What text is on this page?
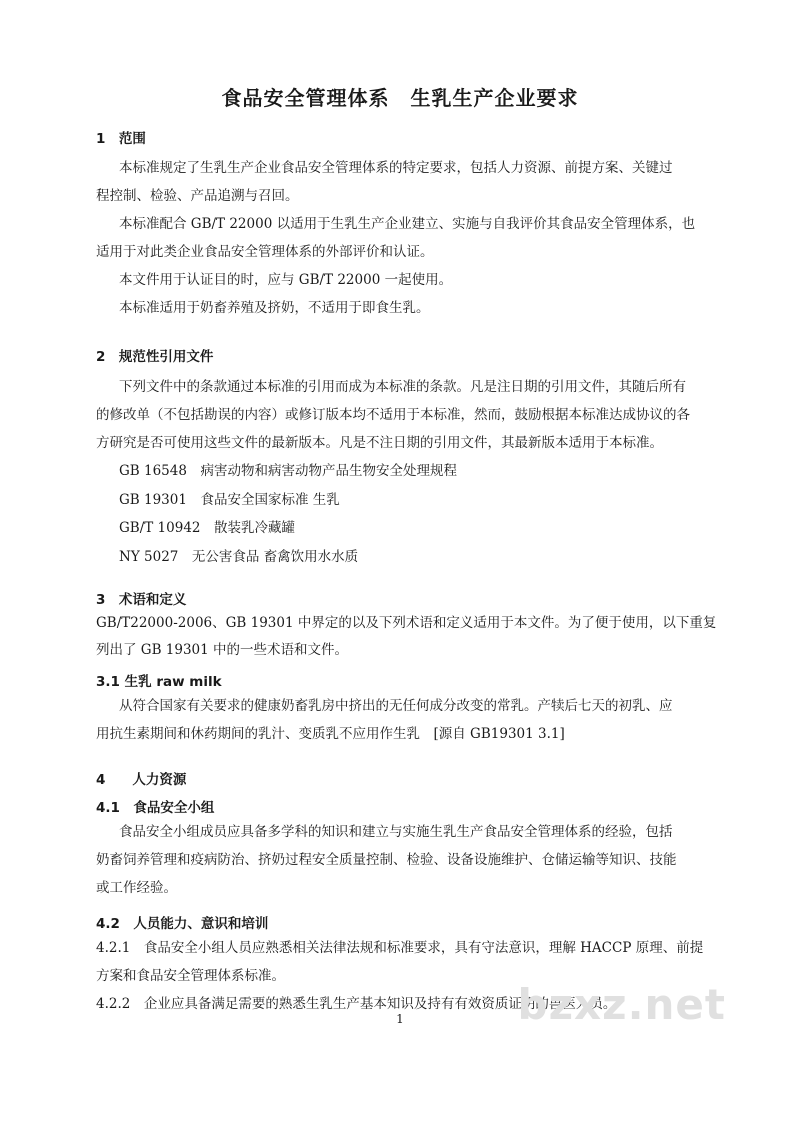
食品安全管理体系　生乳生产企业要求
1　范围
本标准规定了生乳生产企业食品安全管理体系的特定要求，包括人力资源、前提方案、关键过
程控制、检验、产品追溯与召回。
本标准配合 GB/T 22000 以适用于生乳生产企业建立、实施与自我评价其食品安全管理体系，也
适用于对此类企业食品安全管理体系的外部评价和认证。
本文件用于认证目的时，应与 GB/T 22000 一起使用。
本标准适用于奶畜养殖及挤奶，不适用于即食生乳。
2　规范性引用文件
下列文件中的条款通过本标准的引用而成为本标准的条款。凡是注日期的引用文件，其随后所有
的修改单（不包括勘误的内容）或修订版本均不适用于本标准，然而，鼓励根据本标准达成协议的各
方研究是否可使用这些文件的最新版本。凡是不注日期的引用文件，其最新版本适用于本标准。
GB 16548　病害动物和病害动物产品生物安全处理规程
GB 19301　食品安全国家标准 生乳
GB/T 10942　散装乳冷藏罐
NY 5027　无公害食品 畜禽饮用水水质
3　术语和定义
GB/T22000-2006、GB 19301 中界定的以及下列术语和定义适用于本文件。为了便于使用，以下重复
列出了 GB 19301 中的一些术语和文件。
3.1 生乳 raw milk
从符合国家有关要求的健康奶畜乳房中挤出的无任何成分改变的常乳。产犊后七天的初乳、应
用抗生素期间和休药期间的乳汁、变质乳不应用作生乳　[源自 GB19301 3.1]
4　　人力资源
4.1　食品安全小组
食品安全小组成员应具备多学科的知识和建立与实施生乳生产食品安全管理体系的经验，包括
奶畜饲养管理和疫病防治、挤奶过程安全质量控制、检验、设备设施维护、仓储运输等知识、技能
或工作经验。
4.2　人员能力、意识和培训
4.2.1　食品安全小组人员应熟悉相关法律法规和标准要求，具有守法意识，理解 HACCP 原理、前提
方案和食品安全管理体系标准。
4.2.2　企业应具备满足需要的熟悉生乳生产基本知识及持有有效资质证明的兽医人员。
1	bzxz.net
